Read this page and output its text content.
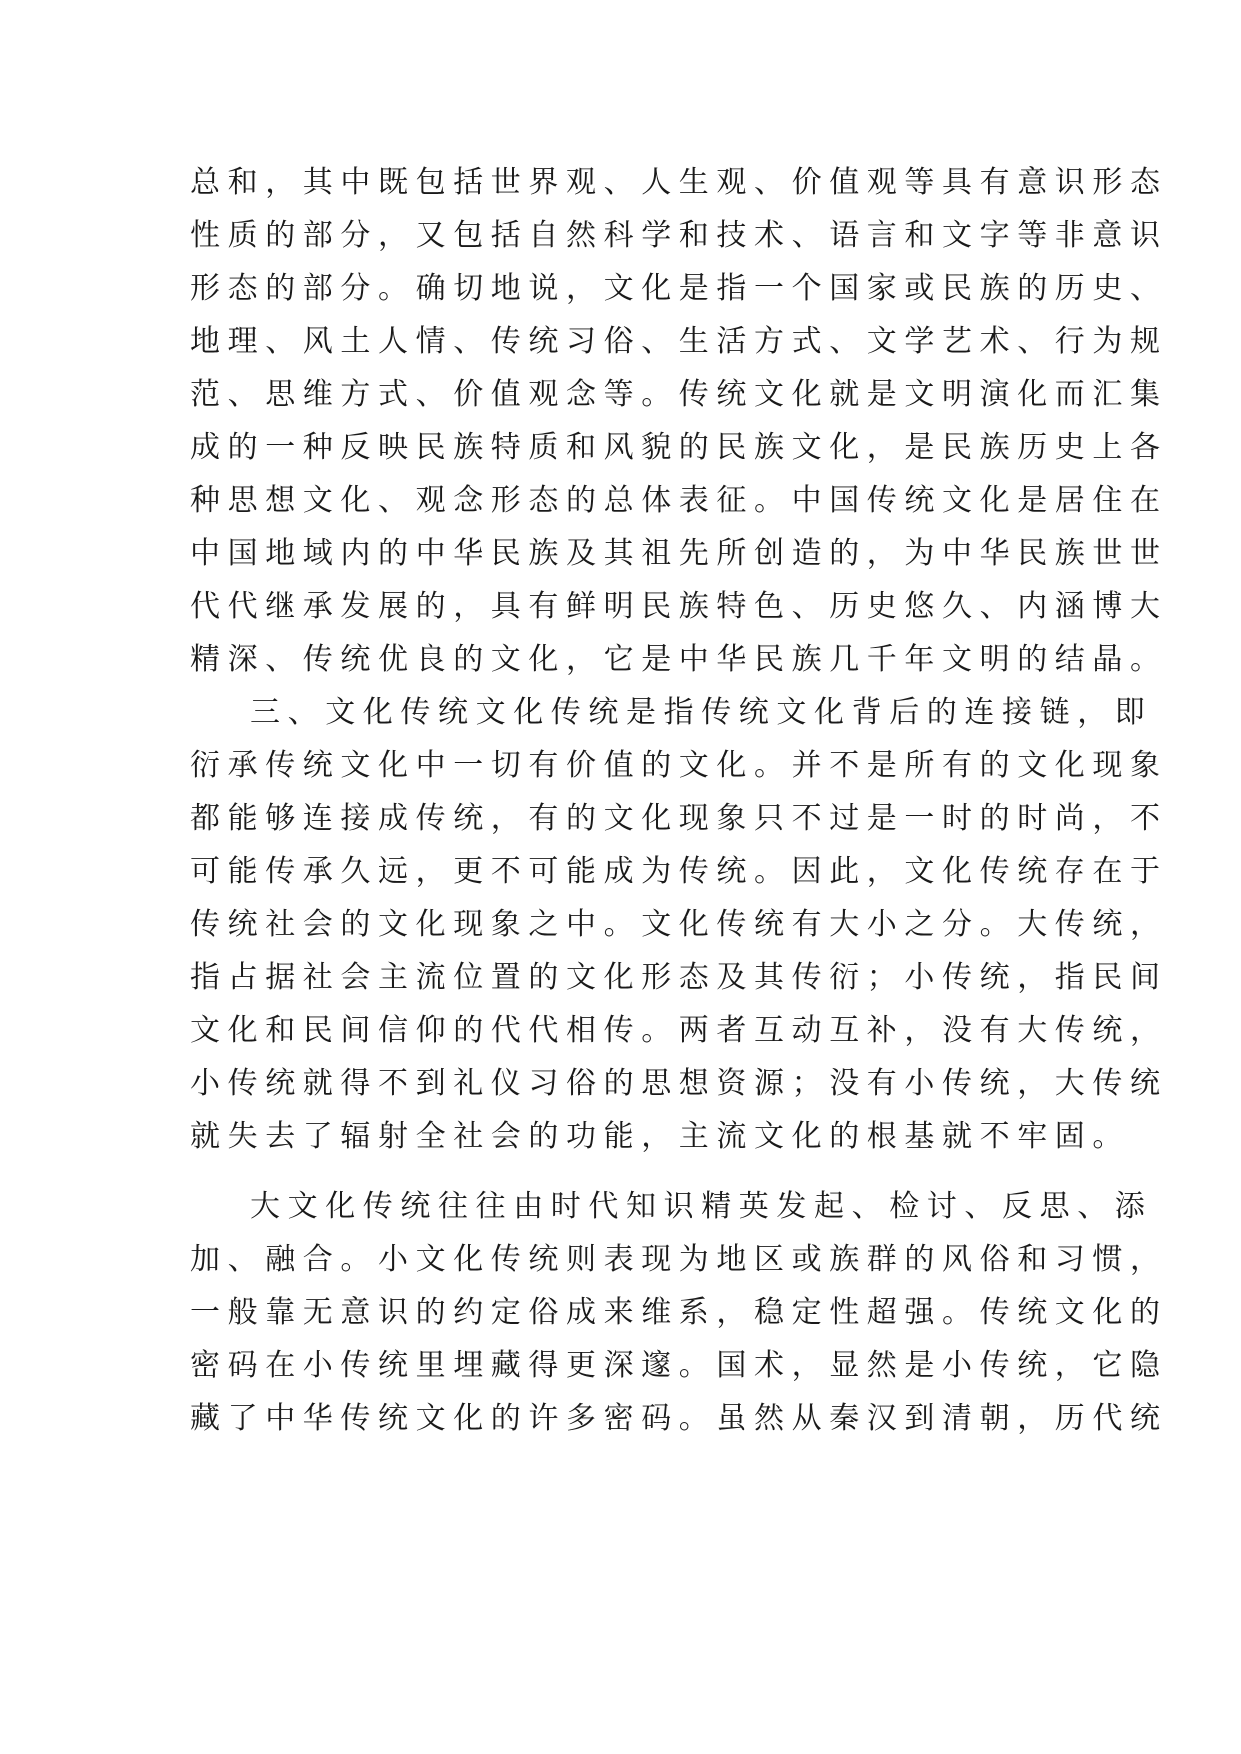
总和，其中既包括世界观、人生观、价值观等具有意识形态
性质的部分，又包括自然科学和技术、语言和文字等非意识
形态的部分。确切地说，文化是指一个国家或民族的历史、
地理、风土人情、传统习俗、生活方式、文学艺术、行为规
范、思维方式、价值观念等。传统文化就是文明演化而汇集
成的一种反映民族特质和风貌的民族文化，是民族历史上各
种思想文化、观念形态的总体表征。中国传统文化是居住在
中国地域内的中华民族及其祖先所创造的，为中华民族世世
代代继承发展的，具有鲜明民族特色、历史悠久、内涵博大
精深、传统优良的文化，它是中华民族几千年文明的结晶。
三、文化传统文化传统是指传统文化背后的连接链，即
衍承传统文化中一切有价值的文化。并不是所有的文化现象
都能够连接成传统，有的文化现象只不过是一时的时尚，不
可能传承久远，更不可能成为传统。因此，文化传统存在于
传统社会的文化现象之中。文化传统有大小之分。大传统，
指占据社会主流位置的文化形态及其传衍；小传统，指民间
文化和民间信仰的代代相传。两者互动互补，没有大传统，
小传统就得不到礼仪习俗的思想资源；没有小传统，大传统
就失去了辐射全社会的功能，主流文化的根基就不牢固。
大文化传统往往由时代知识精英发起、检讨、反思、添
加、融合。小文化传统则表现为地区或族群的风俗和习惯，
一般靠无意识的约定俗成来维系，稳定性超强。传统文化的
密码在小传统里埋藏得更深邃。国术，显然是小传统，它隐
藏了中华传统文化的许多密码。虽然从秦汉到清朝，历代统
